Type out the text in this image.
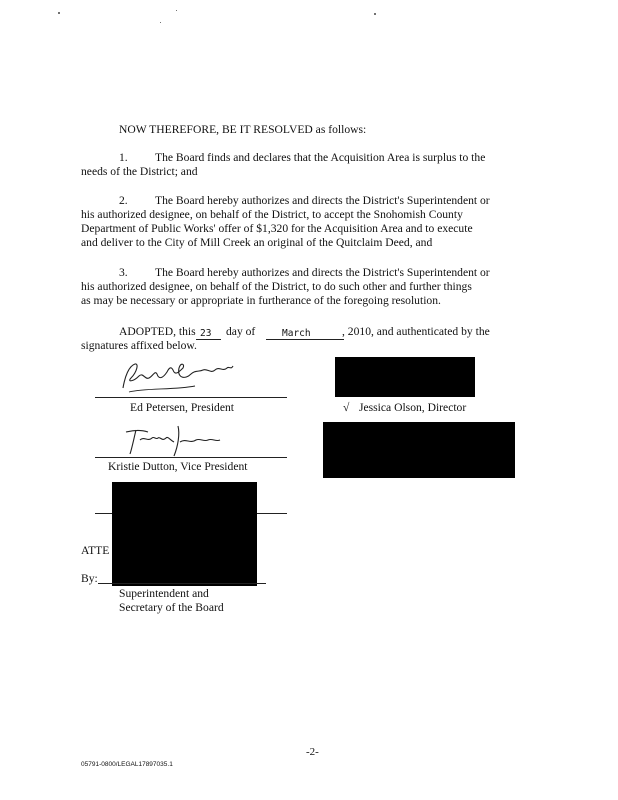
NOW THEREFORE, BE IT RESOLVED as follows:
1. The Board finds and declares that the Acquisition Area is surplus to the
needs of the District; and
2. The Board hereby authorizes and directs the District's Superintendent or
his authorized designee, on behalf of the District, to accept the Snohomish County
Department of Public Works' offer of $1,320 for the Acquisition Area and to execute
and deliver to the City of Mill Creek an original of the Quitclaim Deed, and
3. The Board hereby authorizes and directs the District's Superintendent or
his authorized designee, on behalf of the District, to do such other and further things
as may be necessary or appropriate in furtherance of the foregoing resolution.
ADOPTED, this 23 day of	March	, 2010, and authenticated by the
signatures affixed below.
Ed Petersen, President	√ Jessica Olson, Director
Kristie Dutton, Vice President
ATTE
By:
Superintendent and
Secretary of the Board
-2-
05791-0800/LEGAL17897035.1
